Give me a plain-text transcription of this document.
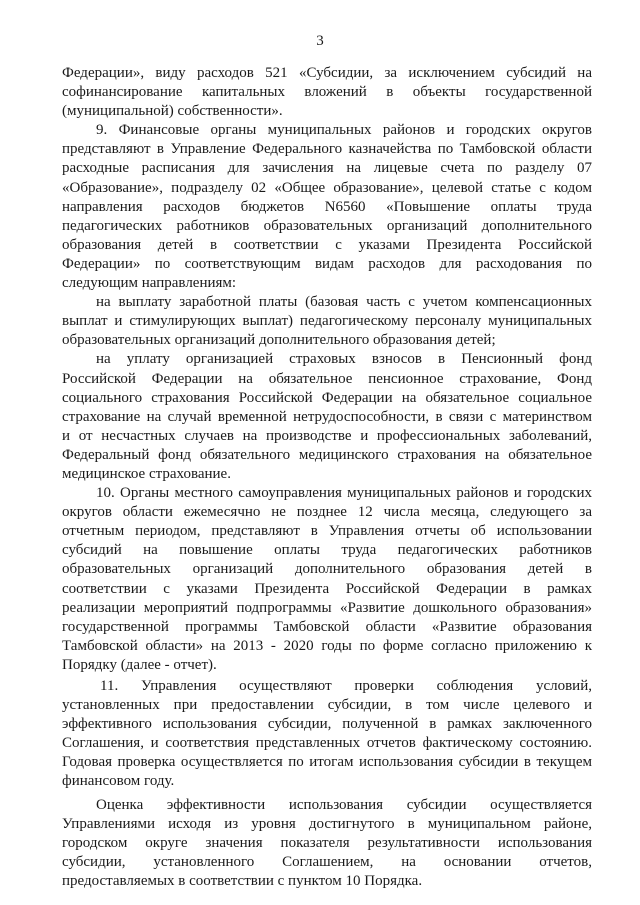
3
Федерации», виду расходов 521 «Субсидии, за исключением субсидий на
софинансирование капитальных вложений в объекты государственной
(муниципальной) собственности».
9. Финансовые органы муниципальных районов и городских округов
представляют в Управление Федерального казначейства по Тамбовской области
расходные расписания для зачисления на лицевые счета по разделу 07
«Образование», подразделу 02 «Общее образование», целевой статье с кодом
направления расходов бюджетов N6560 «Повышение оплаты труда
педагогических работников образовательных организаций дополнительного
образования детей в соответствии с указами Президента Российской
Федерации» по соответствующим видам расходов для расходования по
следующим направлениям:
на выплату заработной платы (базовая часть с учетом компенсационных
выплат и стимулирующих выплат) педагогическому персоналу муниципальных
образовательных организаций дополнительного образования детей;
на уплату организацией страховых взносов в Пенсионный фонд
Российской Федерации на обязательное пенсионное страхование, Фонд
социального страхования Российской Федерации на обязательное социальное
страхование на случай временной нетрудоспособности, в связи с материнством
и от несчастных случаев на производстве и профессиональных заболеваний,
Федеральный фонд обязательного медицинского страхования на обязательное
медицинское страхование.
10. Органы местного самоуправления муниципальных районов и городских
округов области ежемесячно не позднее 12 числа месяца, следующего за
отчетным периодом, представляют в Управления отчеты об использовании
субсидий на повышение оплаты труда педагогических работников
образовательных организаций дополнительного образования детей в
соответствии с указами Президента Российской Федерации в рамках
реализации мероприятий подпрограммы «Развитие дошкольного образования»
государственной программы Тамбовской области «Развитие образования
Тамбовской области» на 2013 - 2020 годы по форме согласно приложению к
Порядку (далее - отчет).
11. Управления осуществляют проверки соблюдения условий,
установленных при предоставлении субсидии, в том числе целевого и
эффективного использования субсидии, полученной в рамках заключенного
Соглашения, и соответствия представленных отчетов фактическому состоянию.
Годовая проверка осуществляется по итогам использования субсидии в текущем
финансовом году.
Оценка эффективности использования субсидии осуществляется
Управлениями исходя из уровня достигнутого в муниципальном районе,
городском округе значения показателя результативности использования
субсидии, установленного Соглашением, на основании отчетов,
предоставляемых в соответствии с пунктом 10 Порядка.
